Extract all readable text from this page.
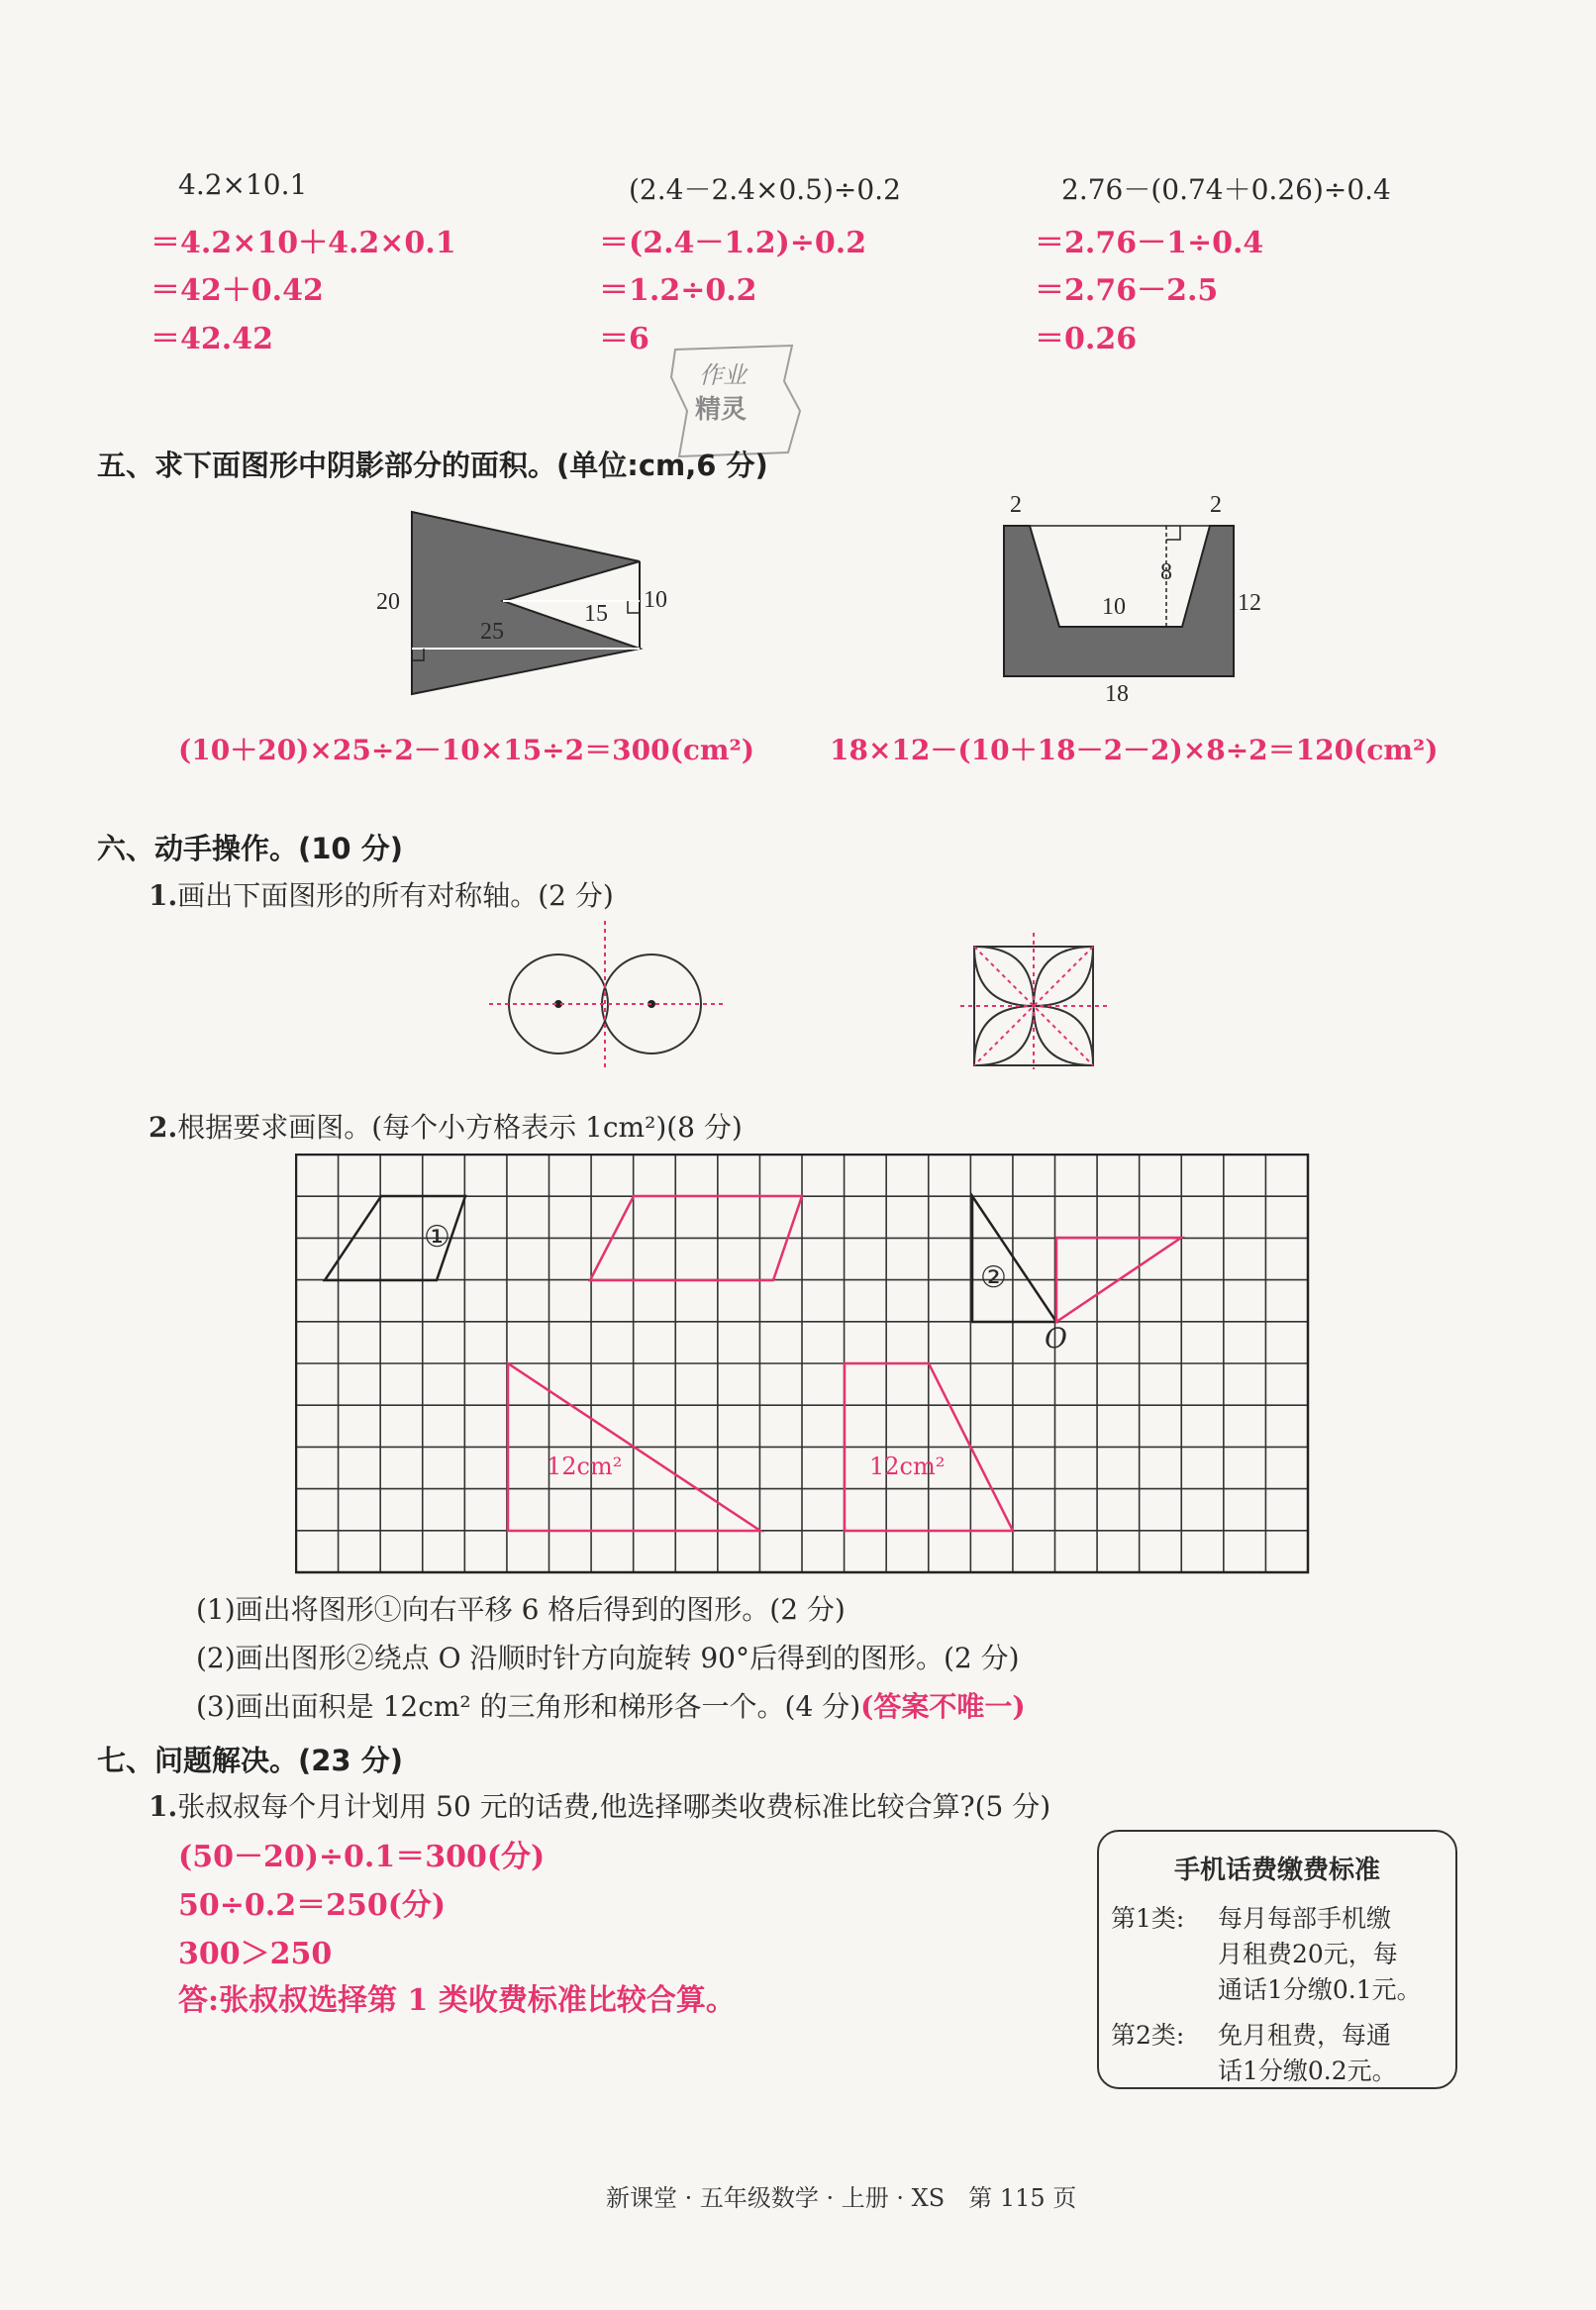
4.2×10.1
＝4.2×10＋4.2×0.1
＝42＋0.42
＝42.42
(2.4－2.4×0.5)÷0.2
＝(2.4－1.2)÷0.2
＝1.2÷0.2
＝6
2.76－(0.74＋0.26)÷0.4
＝2.76－1÷0.4
＝2.76－2.5
＝0.26
作业
精灵
五、求下面图形中阴影部分的面积。(单位:cm,6 分)
20
25
15
10
2	2
8
10	12
18
(10＋20)×25÷2－10×15÷2＝300(cm²)	18×12－(10＋18－2－2)×8÷2＝120(cm²)
六、动手操作。(10 分)
1.画出下面图形的所有对称轴。(2 分)
2.根据要求画图。(每个小方格表示 1cm²)(8 分)
①
②
O
12cm²	12cm²
(1)画出将图形①向右平移 6 格后得到的图形。(2 分)
(2)画出图形②绕点 O 沿顺时针方向旋转 90°后得到的图形。(2 分)
(3)画出面积是 12cm² 的三角形和梯形各一个。(4 分)(答案不唯一)
七、问题解决。(23 分)
1.张叔叔每个月计划用 50 元的话费,他选择哪类收费标准比较合算?(5 分)
(50－20)÷0.1＝300(分)
50÷0.2＝250(分)
300＞250
答:张叔叔选择第 1 类收费标准比较合算。
手机话费缴费标准
第1类: 每月每部手机缴
月租费20元，每
通话1分缴0.1元。
第2类: 免月租费，每通
话1分缴0.2元。
新课堂 · 五年级数学 · 上册 · XS　第 115 页
